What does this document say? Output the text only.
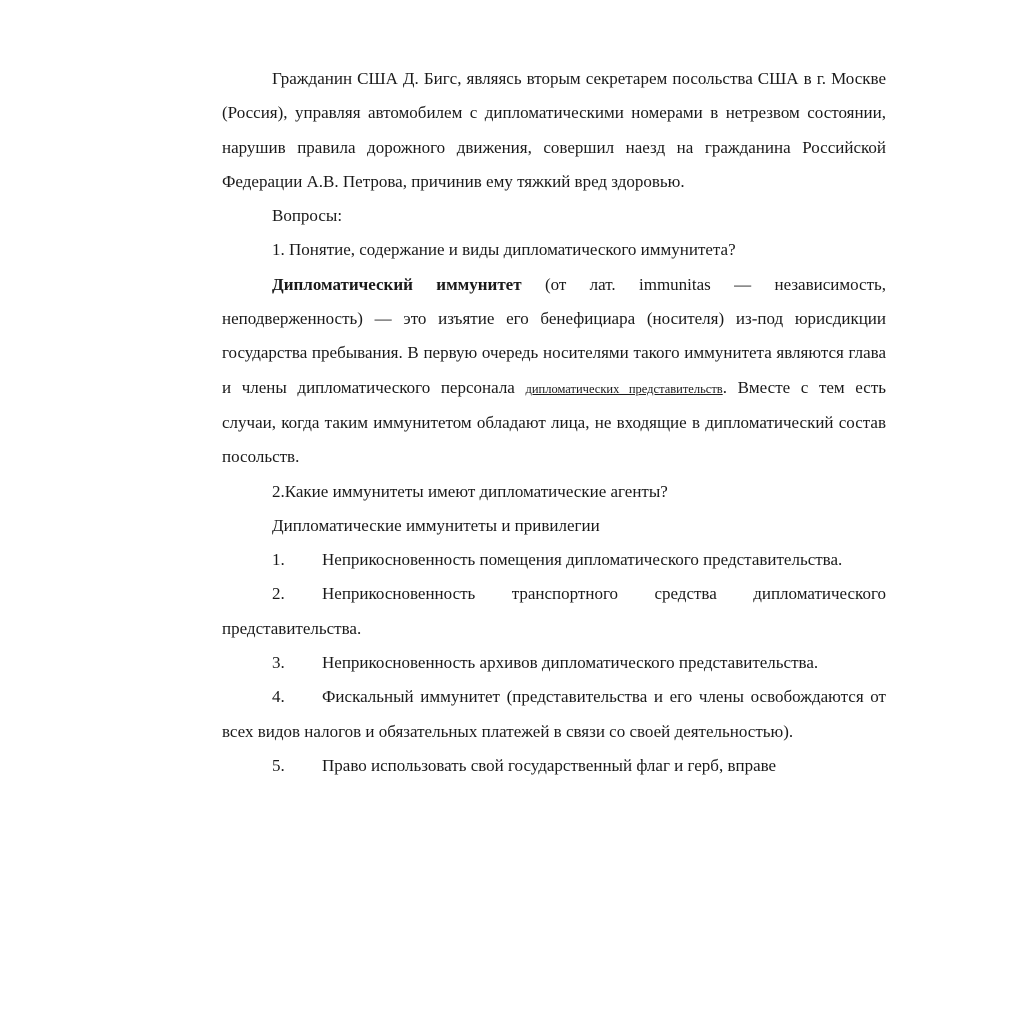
Гражданин США Д. Бигс, являясь вторым секретарем посольства США в г. Москве (Россия), управляя автомобилем с дипломатическими номерами в нетрезвом состоянии, нарушив правила дорожного движения, совершил наезд на гражданина Российской Федерации А.В. Петрова, причинив ему тяжкий вред здоровью.

Вопросы:

1. Понятие, содержание и виды дипломатического иммунитета?

Дипломатический иммунитет (от лат. immunitas — независимость, неподверженность) — это изъятие его бенефициара (носителя) из-под юрисдикции государства пребывания. В первую очередь носителями такого иммунитета являются глава и члены дипломатического персонала дипломатических представительств. Вместе с тем есть случаи, когда таким иммунитетом обладают лица, не входящие в дипломатический состав посольств.

2.Какие иммунитеты имеют дипломатические агенты?

Дипломатические иммунитеты и привилегии

1. Неприкосновенность помещения дипломатического представительства.

2. Неприкосновенность транспортного средства дипломатического представительства.

3. Неприкосновенность архивов дипломатического представительства.

4. Фискальный иммунитет (представительства и его члены освобождаются от всех видов налогов и обязательных платежей в связи со своей деятельностью).

5. Право использовать свой государственный флаг и герб, вправе
